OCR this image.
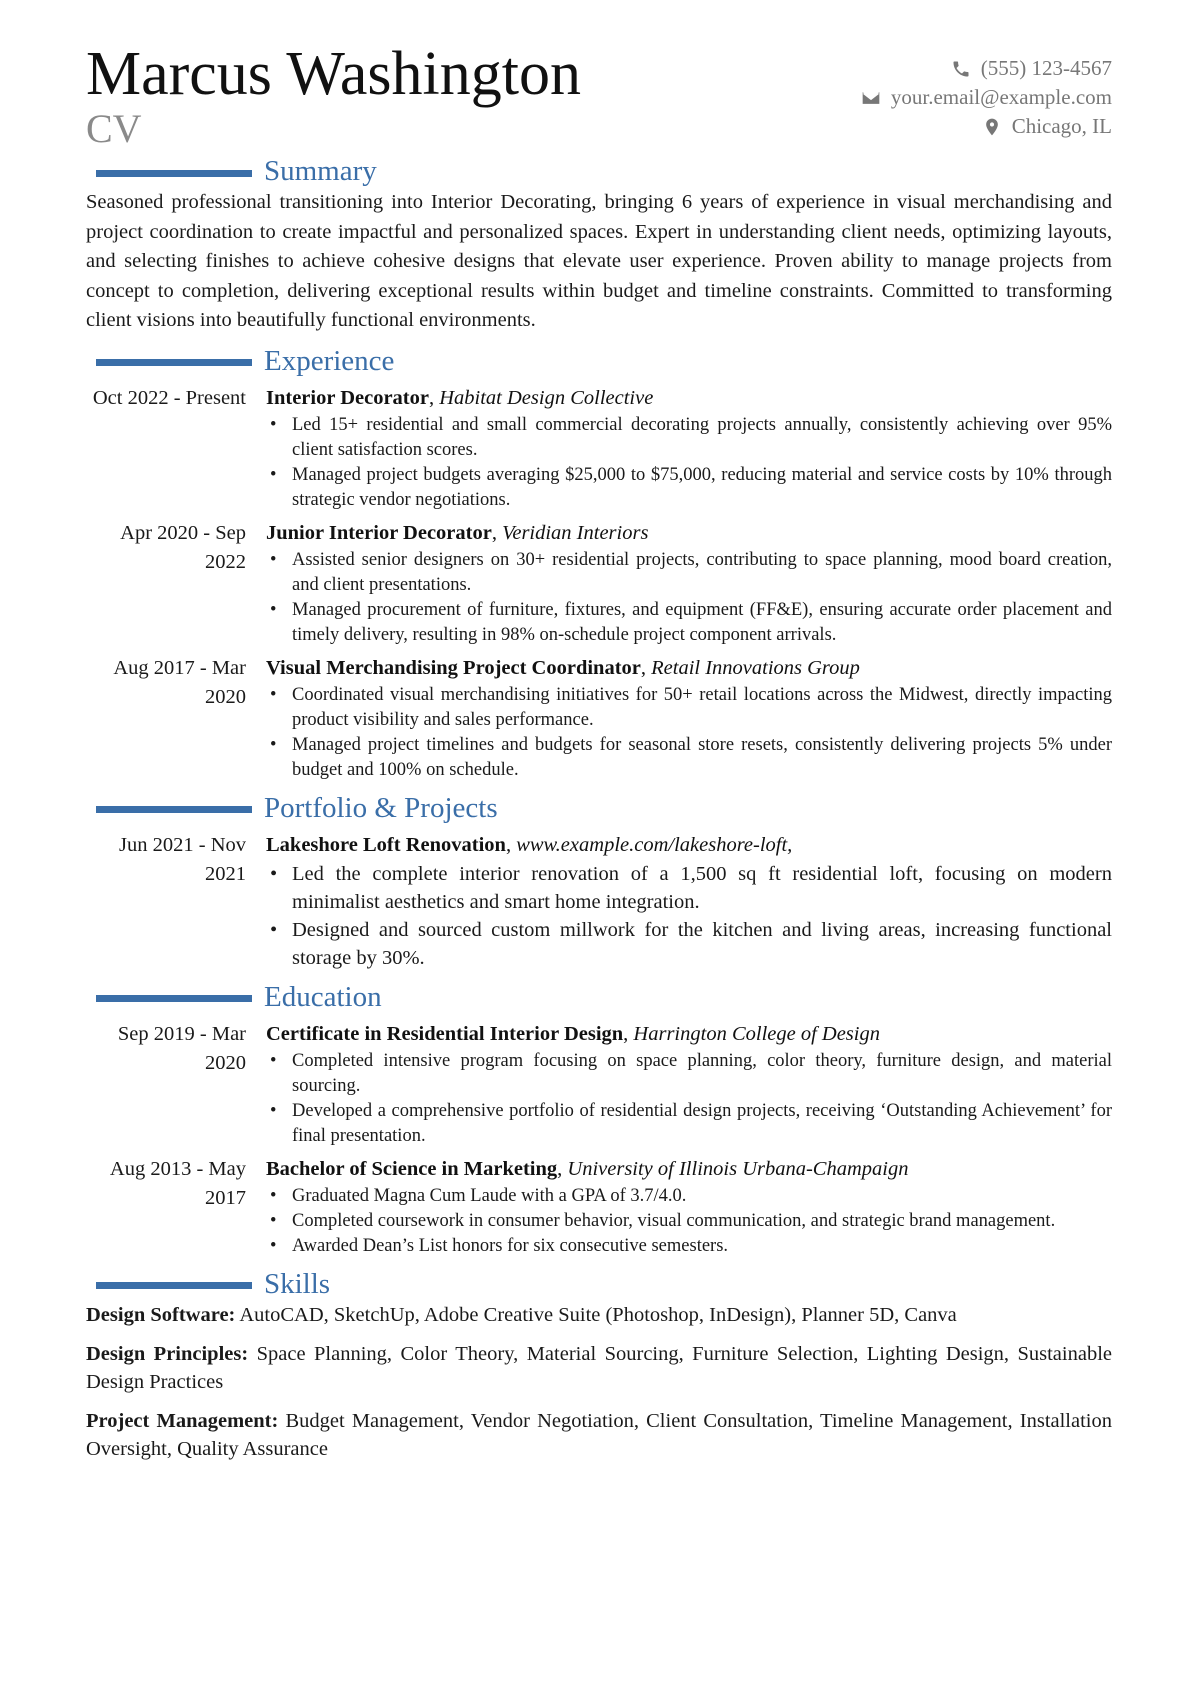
Marcus Washington
CV
(555) 123-4567
your.email@example.com
Chicago, IL
Summary

Seasoned professional transitioning into Interior Decorating, bringing 6 years of experience in visual merchandising and project coordination to create impactful and personalized spaces. Expert in understanding client needs, optimizing layouts, and selecting finishes to achieve cohesive designs that elevate user experience. Proven ability to manage projects from concept to completion, delivering exceptional results within budget and timeline constraints. Committed to transforming client visions into beautifully functional environments.

Experience
Oct 2022 - Present Interior Decorator, Habitat Design Collective
• Led 15+ residential and small commercial decorating projects annually, consistently achieving over 95% client satisfaction scores.
• Managed project budgets averaging $25,000 to $75,000, reducing material and service costs by 10% through strategic vendor negotiations.
Apr 2020 - Sep 2022
Junior Interior Decorator, Veridian Interiors
• Assisted senior designers on 30+ residential projects, contributing to space planning, mood board creation, and client presentations.
• Managed procurement of furniture, fixtures, and equipment (FF&E), ensuring accurate order placement and timely delivery, resulting in 98% on-schedule project component arrivals.
Aug 2017 - Mar 2020
Visual Merchandising Project Coordinator, Retail Innovations Group
• Coordinated visual merchandising initiatives for 50+ retail locations across the Midwest, directly impacting product visibility and sales performance.
• Managed project timelines and budgets for seasonal store resets, consistently delivering projects 5% under budget and 100% on schedule.
Portfolio & Projects
Jun 2021 - Nov 2021
Lakeshore Loft Renovation, www.example.com/lakeshore-loft,
• Led the complete interior renovation of a 1,500 sq ft residential loft, focusing on modern minimalist aesthetics and smart home integration.
• Designed and sourced custom millwork for the kitchen and living areas, increasing functional storage by 30%.
Education
Sep 2019 - Mar 2020
Certificate in Residential Interior Design, Harrington College of Design
• Completed intensive program focusing on space planning, color theory, furniture design, and material sourcing.
• Developed a comprehensive portfolio of residential design projects, receiving ‘Outstanding Achievement’ for final presentation.
Aug 2013 - May 2017
Bachelor of Science in Marketing, University of Illinois Urbana-Champaign
• Graduated Magna Cum Laude with a GPA of 3.7/4.0.
• Completed coursework in consumer behavior, visual communication, and strategic brand management.
• Awarded Dean’s List honors for six consecutive semesters.
Skills

Design Software: AutoCAD, SketchUp, Adobe Creative Suite (Photoshop, InDesign), Planner 5D, Canva

Design Principles: Space Planning, Color Theory, Material Sourcing, Furniture Selection, Lighting Design, Sustainable Design Practices

Project Management: Budget Management, Vendor Negotiation, Client Consultation, Timeline Management, Installation Oversight, Quality Assurance
